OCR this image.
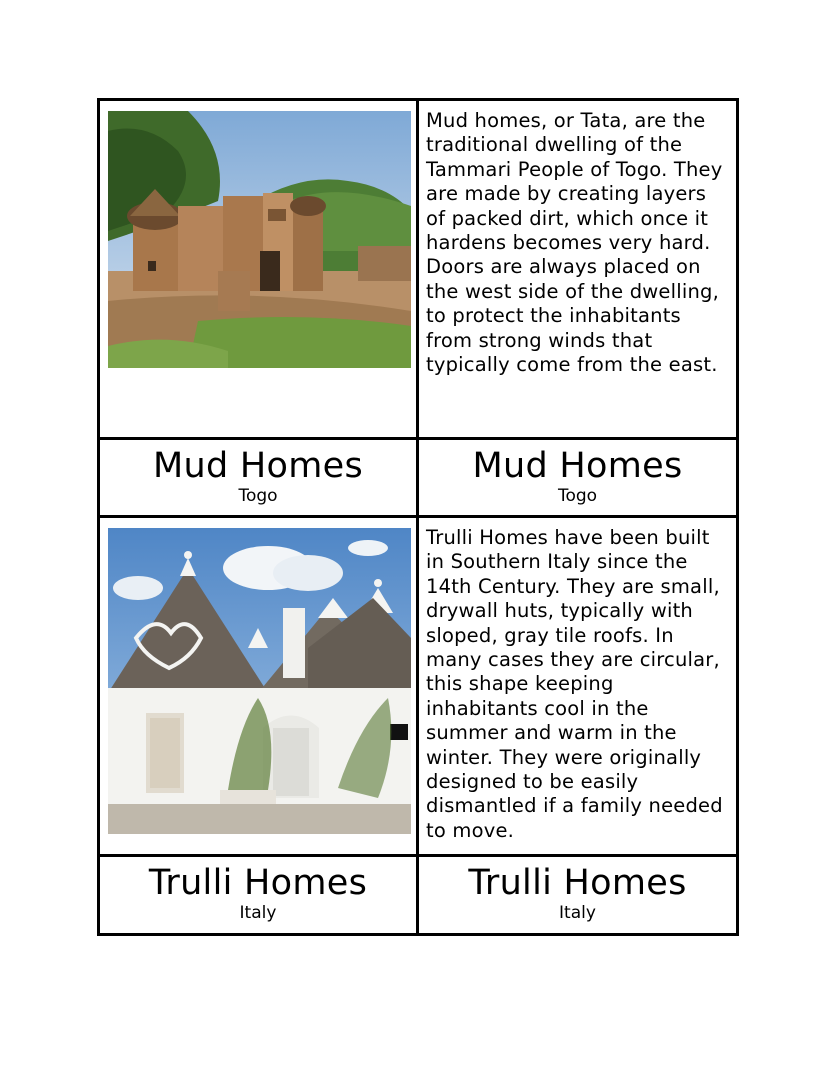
Mud homes, or Tata, are the traditional dwelling of the Tammari People of Togo. They are made by creating layers of packed dirt, which once it hardens becomes very hard. Doors are always placed on the west side of the dwelling, to protect the inhabitants from strong winds that typically come from the east.
Mud Homes
Togo
Mud Homes
Togo
Trulli Homes have been built in Southern Italy since the 14th Century. They are small, drywall huts, typically with sloped, gray tile roofs. In many cases they are circular, this shape keeping inhabitants cool in the summer and warm in the winter. They were originally designed to be easily dismantled if a family needed to move.
Trulli Homes
Italy
Trulli Homes
Italy
